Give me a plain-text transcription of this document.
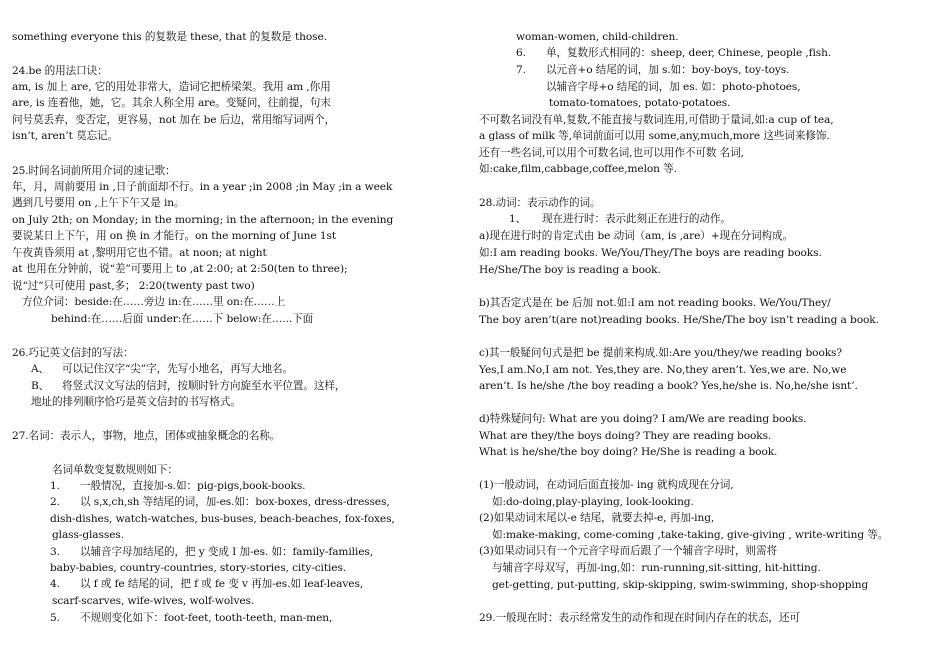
something everyone this 的复数是 these, that 的复数是 those.
24.be 的用法口诀：
am, is 加上 are, 它的用处非常大，造词它把桥梁架。我用 am ,你用
are, is 连着他，她，它。其余人称全用 are。变疑问，往前提，句末
问号莫丢弃，变否定，更容易，not 加在 be 后边，常用缩写词两个，
isn’t, aren’t 莫忘记。
25.时间名词前所用介词的速记歌：
年，月，周前要用 in ,日子前面却不行。in a year ;in 2008 ;in May ;in a week
遇到几号要用 on ,上午下午又是 in。
on July 2th; on Monday; in the morning; in the afternoon; in the evening
要说某日上下午，用 on 换 in 才能行。on the morning of June 1st
午夜黄昏须用 at ,黎明用它也不错。at noon; at night
at 也用在分钟前，说“差”可要用上 to ,at 2:00; at 2:50(ten to three);
说“过”只可使用 past,多； 2:20(twenty past two)
方位介词：beside:在……旁边 in:在……里 on:在……上
behind:在……后面 under:在……下 below:在…...下面
26.巧记英文信封的写法：
A、 可以记住汉字“尖”字，先写小地名，再写大地名。
B、 将竖式汉文写法的信封，按顺时针方向旋至水平位置。这样，
地址的排列顺序恰巧是英文信封的书写格式。
27.名词：表示人，事物，地点，团体或抽象概念的名称。
名词单数变复数规则如下：
1. 一般情况，直接加-s.如：pig-pigs,book-books.
2. 以 s,x,ch,sh 等结尾的词，加-es.如：box-boxes, dress-dresses,
dish-dishes, watch-watches, bus-buses, beach-beaches, fox-foxes,
glass-glasses.
3. 以辅音字母加结尾的，把 y 变成 I 加-es. 如：family-families,
baby-babies, country-countries, story-stories, city-cities.
4. 以 f 或 fe 结尾的词，把 f 或 fe 变 v 再加-es.如 leaf-leaves,
scarf-scarves, wife-wives, wolf-wolves.
5. 不规则变化如下：foot-feet, tooth-teeth, man-men,
woman-women, child-children.
6. 单，复数形式相同的：sheep, deer, Chinese, people ,fish.
7. 以元音+o 结尾的词，加 s.如：boy-boys, toy-toys.
以辅音字母+o 结尾的词，加 es. 如：photo-photoes,
tomato-tomatoes, potato-potatoes.
不可数名词没有单,复数,不能直接与数词连用,可借助于量词,如:a cup of tea,
a glass of milk 等,单词前面可以用 some,any,much,more 这些词来修饰.
还有一些名词,可以用个可数名词,也可以用作不可数 名词,
如:cake,film,cabbage,coffee,melon 等.
28.动词：表示动作的词。
1、 现在进行时：表示此刻正在进行的动作。
a)现在进行时的肯定式由 be 动词（am, is ,are）+现在分词构成。
如:I am reading books. We/You/They/The boys are reading books.
He/She/The boy is reading a book.
b)其否定式是在 be 后加 not.如:I am not reading books. We/You/They/
The boy aren’t(are not)reading books. He/She/The boy isn’t reading a book.
c)其一般疑问句式是把 be 提前来构成.如:Are you/they/we reading books?
Yes,I am.No,I am not. Yes,they are. No,they aren’t. Yes,we are. No,we
aren’t. Is he/she /the boy reading a book? Yes,he/she is. No,he/she isnt’.
d)特殊疑问句: What are you doing? I am/We are reading books.
What are they/the boys doing? They are reading books.
What is he/she/the boy doing? He/She is reading a book.
(1)一般动词，在动词后面直接加- ing 就构成现在分词,
如:do-doing,play-playing, look-looking.
(2)如果动词末尾以-e 结尾，就要去掉-e, 再加-ing,
如:make-making, come-coming ,take-taking, give-giving , write-writing 等。
(3)如果动词只有一个元音字母而后跟了一个辅音字母时，则需将
与辅音字母双写，再加-ing,如：run-running,sit-sitting, hit-hitting.
get-getting, put-putting, skip-skipping, swim-swimming, shop-shopping
29.一般现在时：表示经常发生的动作和现在时间内存在的状态，还可
